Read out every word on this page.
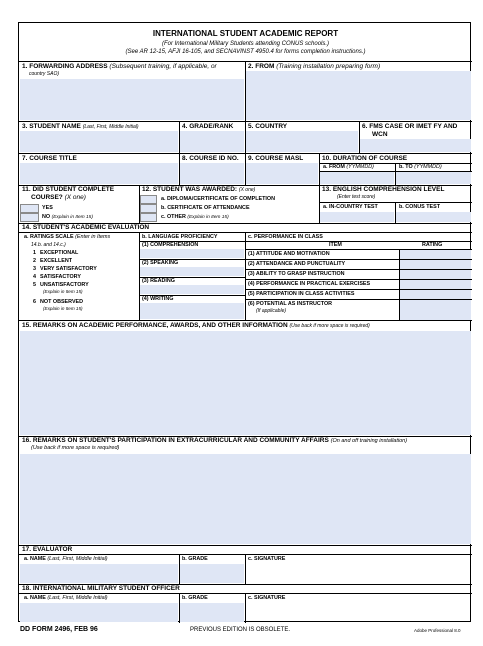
INTERNATIONAL STUDENT ACADEMIC REPORT
(For International Military Students attending CONUS schools.)
(See AR 12-15, AFJI 16-105, and SECNAVINST 4950.4 for forms completion instructions.)
1. FORWARDING ADDRESS (Subsequent training, if applicable, or
country SAO)
2. FROM (Training installation preparing form)
3. STUDENT NAME (Last, First, Middle Initial)	4. GRADE/RANK 5. COUNTRY	6. FMS CASE OR IMET FY AND
WCN
7. COURSE TITLE	8. COURSE ID NO. 9. COURSE MASL	10. DURATION OF COURSE
a. FROM (YYMMDD)	b. TO (YYMMDD)
11. DID STUDENT COMPLETE
COURSE? (X one)
YES
NO (Explain in Item 15)
12. STUDENT WAS AWARDED: (X one)
a. DIPLOMA/CERTIFICATE OF COMPLETION
b. CERTIFICATE OF ATTENDANCE
c. OTHER (Explain in Item 15)
13. ENGLISH COMPREHENSION LEVEL
(Enter test score)
a. IN-COUNTRY TEST	b. CONUS TEST
14. STUDENT'S ACADEMIC EVALUATION
a. RATINGS SCALE (Enter in Items
14.b. and 14.c.)
1 EXCEPTIONAL
2 EXCELLENT
3 VERY SATISFACTORY
4 SATISFACTORY
5 UNSATISFACTORY
(Explain in Item 15)
6 NOT OBSERVED
(Explain in Item 15)
b. LANGUAGE PROFICIENCY
(1) COMPREHENSION
(2) SPEAKING
(3) READING
(4) WRITING
c. PERFORMANCE IN CLASS
ITEM	RATING
(1) ATTITUDE AND MOTIVATION
(2) ATTENDANCE AND PUNCTUALITY
(3) ABILITY TO GRASP INSTRUCTION
(4) PERFORMANCE IN PRACTICAL EXERCISES
(5) PARTICIPATION IN CLASS ACTIVITIES
(6) POTENTIAL AS INSTRUCTOR
(If applicable)
15. REMARKS ON ACADEMIC PERFORMANCE, AWARDS, AND OTHER INFORMATION (Use back if more space is required)
16. REMARKS ON STUDENT'S PARTICIPATION IN EXTRACURRICULAR AND COMMUNITY AFFAIRS (On and off training installation)
(Use back if more space is required)
17. EVALUATOR
a. NAME (Last, First, Middle Initial)	b. GRADE	c. SIGNATURE
18. INTERNATIONAL MILITARY STUDENT OFFICER
a. NAME (Last, First, Middle Initial)	b. GRADE	c. SIGNATURE
DD FORM 2496, FEB 96	PREVIOUS EDITION IS OBSOLETE.	Adobe Professional 8.0
